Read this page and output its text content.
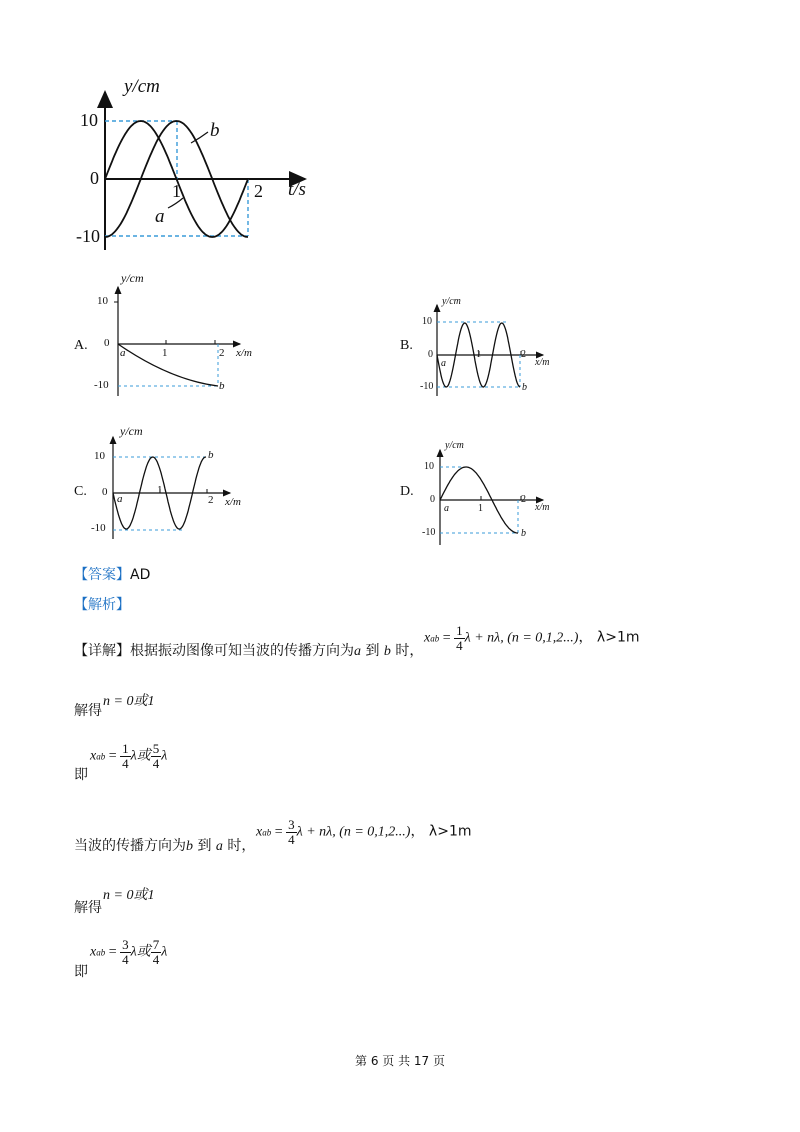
y/cm
10
0
-10
1	2 t/s
b
a
A.
y/cm
10
0
-10
a	1	2 x/m
b
B.
y/cm
10
0
-10
a
1	2
x/m
b
C.
y/cm
10
0
-10
a
1
2 x/m
b
D.
y/cm
10
0
-10
a	1
2
x/m
b
【答案】AD
【解析】
【详解】根据振动图像可知当波的传播方向为a 到 b 时，
xab = $\frac{1}{4}$ λ + nλ, (n = 0,1,2...)， λ>1m
解得
n = 0或1
即
xab = $\frac{1}{4}$ λ或 $\frac{5}{4}$ λ
当波的传播方向为b 到 a 时，
xab = $\frac{3}{4}$ λ + nλ, (n = 0,1,2...)， λ>1m
解得
n = 0或1
即
xab = $\frac{3}{4}$ λ或 $\frac{7}{4}$ λ
第 6 页 共 17 页
